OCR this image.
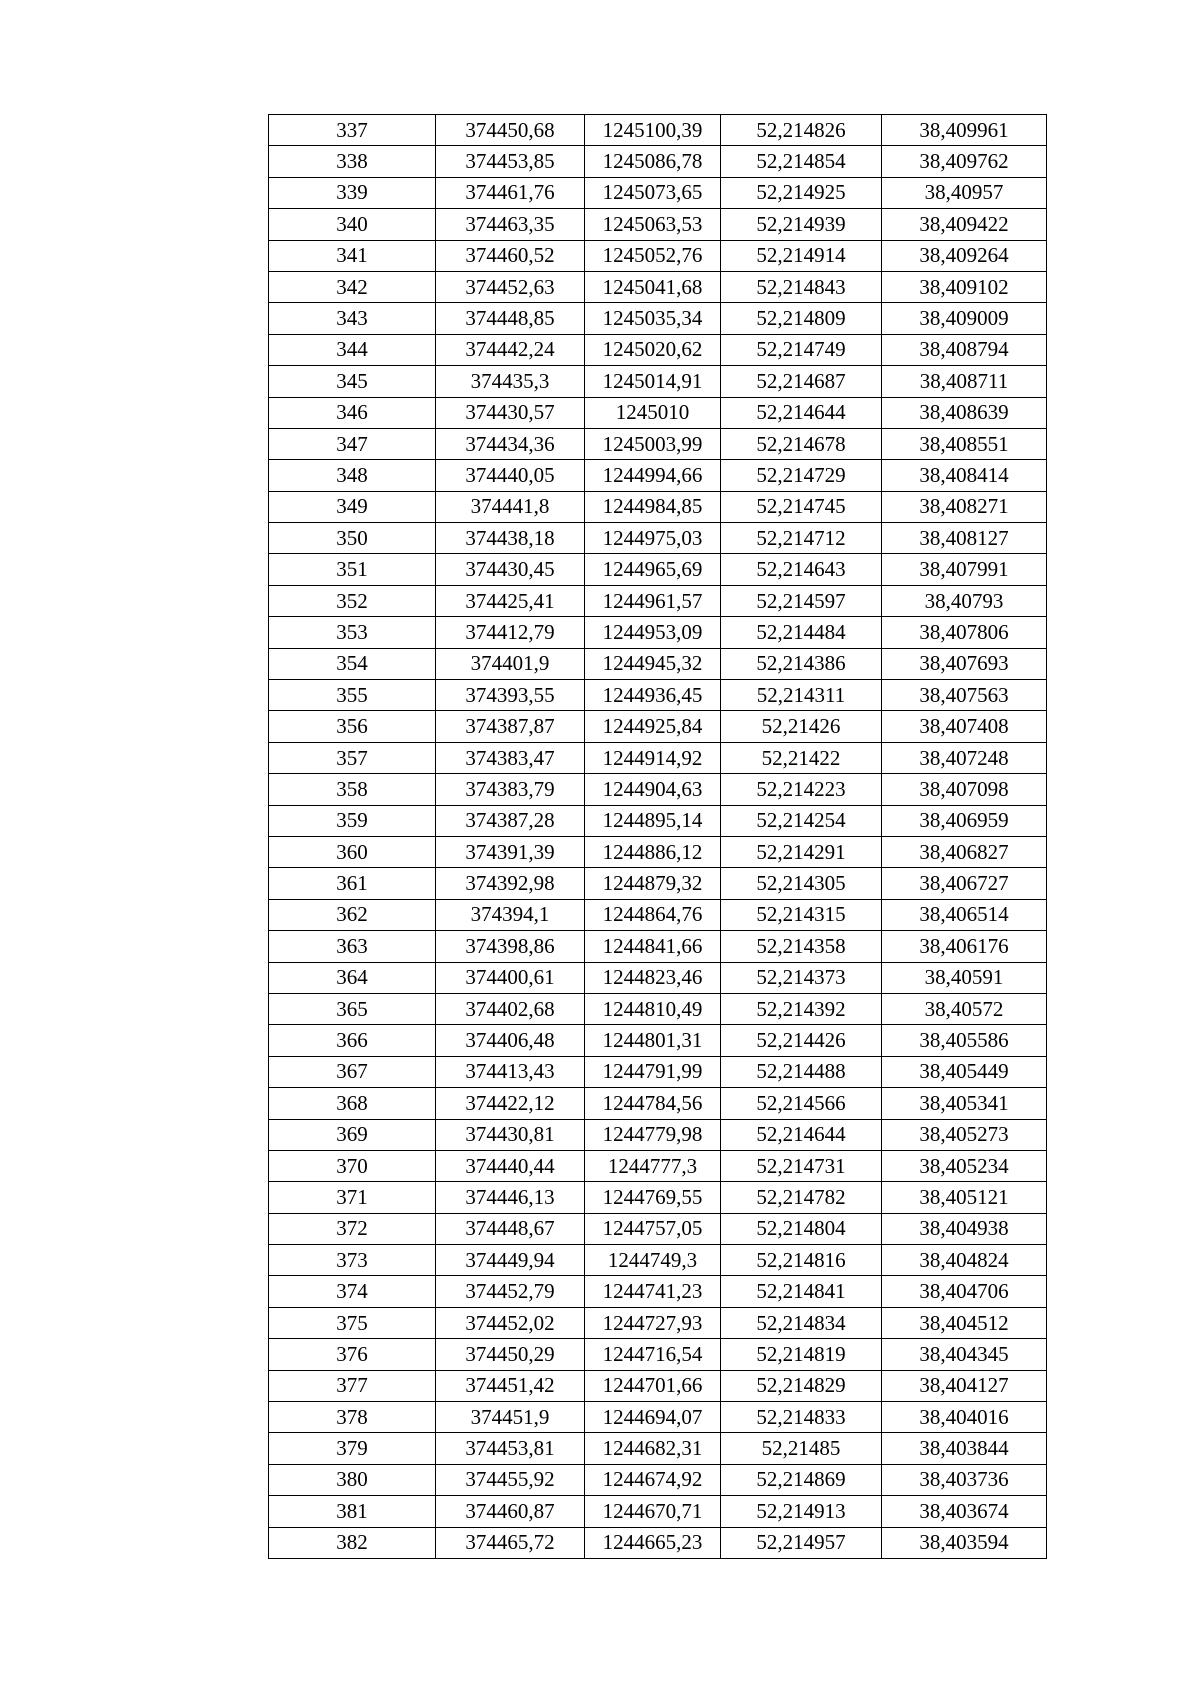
337	374450,68	1245100,39	52,214826	38,409961
338	374453,85	1245086,78	52,214854	38,409762
339	374461,76	1245073,65	52,214925	38,40957
340	374463,35	1245063,53	52,214939	38,409422
341	374460,52	1245052,76	52,214914	38,409264
342	374452,63	1245041,68	52,214843	38,409102
343	374448,85	1245035,34	52,214809	38,409009
344	374442,24	1245020,62	52,214749	38,408794
345	374435,3	1245014,91	52,214687	38,408711
346	374430,57	1245010	52,214644	38,408639
347	374434,36	1245003,99	52,214678	38,408551
348	374440,05	1244994,66	52,214729	38,408414
349	374441,8	1244984,85	52,214745	38,408271
350	374438,18	1244975,03	52,214712	38,408127
351	374430,45	1244965,69	52,214643	38,407991
352	374425,41	1244961,57	52,214597	38,40793
353	374412,79	1244953,09	52,214484	38,407806
354	374401,9	1244945,32	52,214386	38,407693
355	374393,55	1244936,45	52,214311	38,407563
356	374387,87	1244925,84	52,21426	38,407408
357	374383,47	1244914,92	52,21422	38,407248
358	374383,79	1244904,63	52,214223	38,407098
359	374387,28	1244895,14	52,214254	38,406959
360	374391,39	1244886,12	52,214291	38,406827
361	374392,98	1244879,32	52,214305	38,406727
362	374394,1	1244864,76	52,214315	38,406514
363	374398,86	1244841,66	52,214358	38,406176
364	374400,61	1244823,46	52,214373	38,40591
365	374402,68	1244810,49	52,214392	38,40572
366	374406,48	1244801,31	52,214426	38,405586
367	374413,43	1244791,99	52,214488	38,405449
368	374422,12	1244784,56	52,214566	38,405341
369	374430,81	1244779,98	52,214644	38,405273
370	374440,44	1244777,3	52,214731	38,405234
371	374446,13	1244769,55	52,214782	38,405121
372	374448,67	1244757,05	52,214804	38,404938
373	374449,94	1244749,3	52,214816	38,404824
374	374452,79	1244741,23	52,214841	38,404706
375	374452,02	1244727,93	52,214834	38,404512
376	374450,29	1244716,54	52,214819	38,404345
377	374451,42	1244701,66	52,214829	38,404127
378	374451,9	1244694,07	52,214833	38,404016
379	374453,81	1244682,31	52,21485	38,403844
380	374455,92	1244674,92	52,214869	38,403736
381	374460,87	1244670,71	52,214913	38,403674
382	374465,72	1244665,23	52,214957	38,403594
